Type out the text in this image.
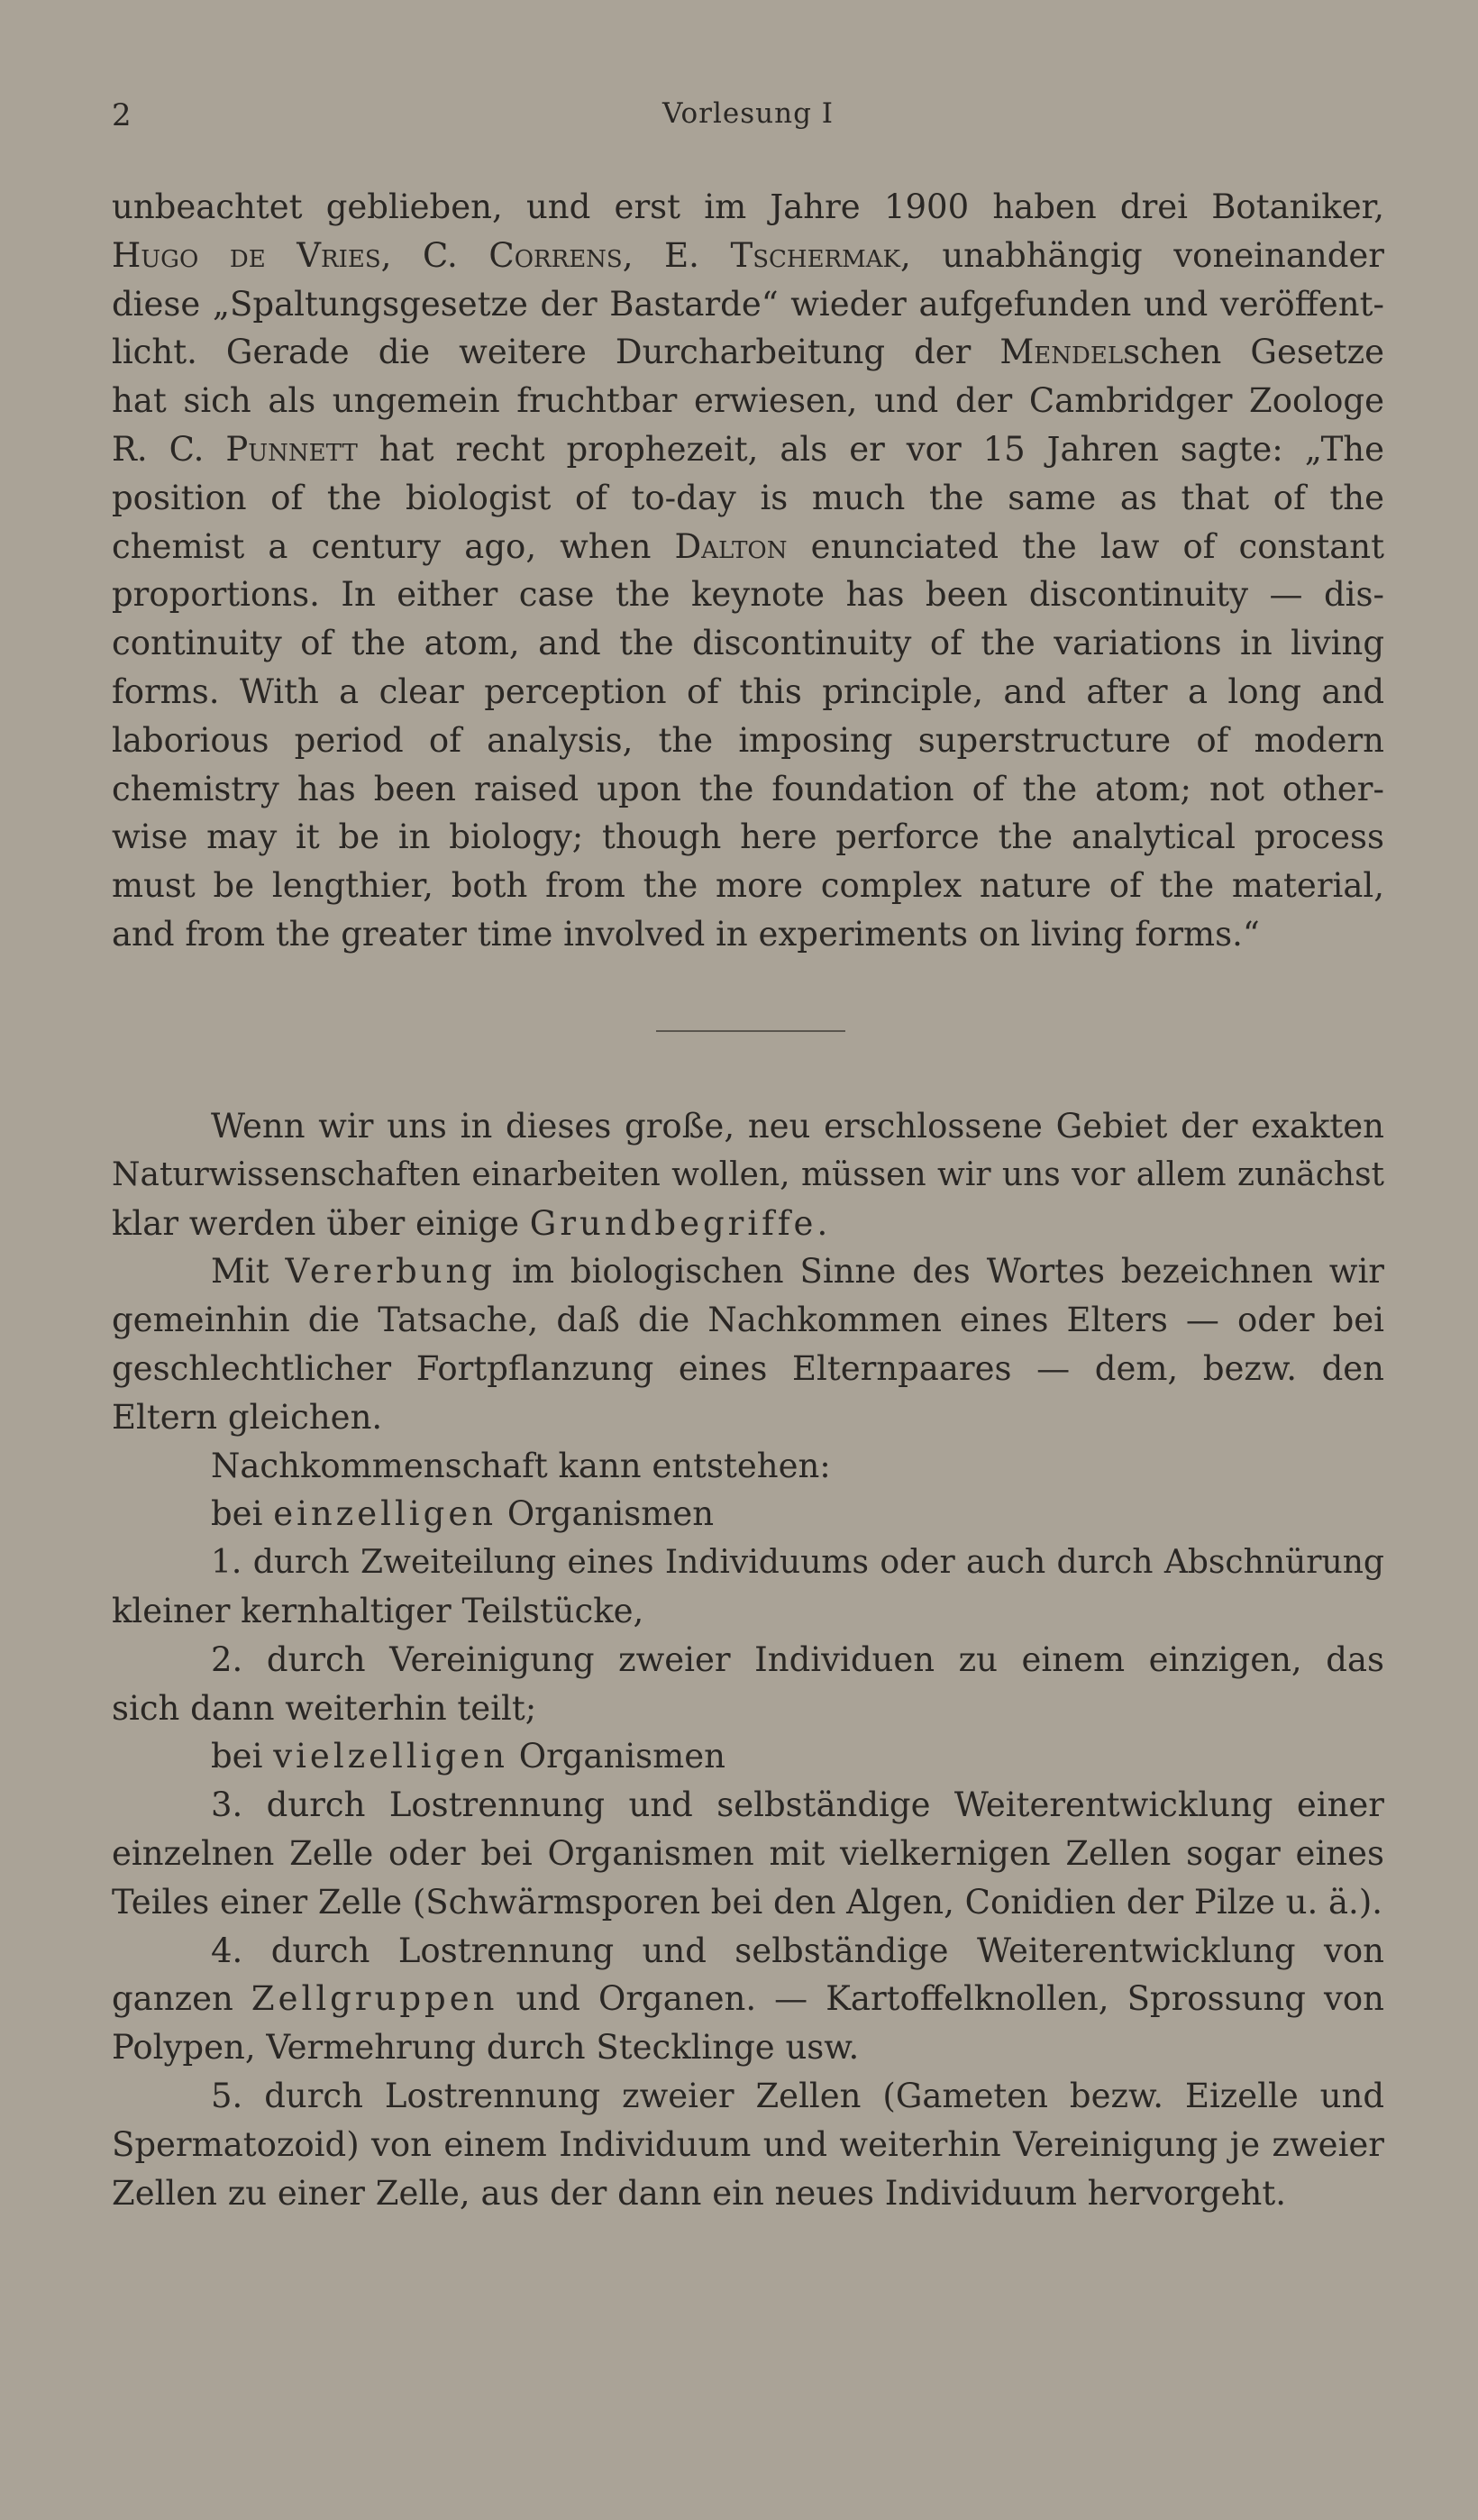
2	Vorlesung I
unbeachtet geblieben, und erst im Jahre 1900 haben drei Botaniker,
Hugo de Vries, C. Correns, E. Tschermak, unabhängig voneinander
diese „Spaltungsgesetze der Bastarde“ wieder aufgefunden und veröffent-
licht. Gerade die weitere Durcharbeitung der Mendelschen Gesetze
hat sich als ungemein fruchtbar erwiesen, und der Cambridger Zoologe
R. C. Punnett hat recht prophezeit, als er vor 15 Jahren sagte: „The
position of the biologist of to-day is much the same as that of the
chemist a century ago, when Dalton enunciated the law of constant
proportions. In either case the keynote has been discontinuity — dis-
continuity of the atom, and the discontinuity of the variations in living
forms. With a clear perception of this principle, and after a long and
laborious period of analysis, the imposing superstructure of modern
chemistry has been raised upon the foundation of the atom; not other-
wise may it be in biology; though here perforce the analytical process
must be lengthier, both from the more complex nature of the material,
and from the greater time involved in experiments on living forms.“
Wenn wir uns in dieses große, neu erschlossene Gebiet der exakten
Naturwissenschaften einarbeiten wollen, müssen wir uns vor allem zunächst
klar werden über einige Grundbegriffe.
Mit Vererbung im biologischen Sinne des Wortes bezeichnen wir
gemeinhin die Tatsache, daß die Nachkommen eines Elters — oder bei
geschlechtlicher Fortpflanzung eines Elternpaares — dem, bezw. den
Eltern gleichen.
Nachkommenschaft kann entstehen:
bei einzelligen Organismen
1. durch Zweiteilung eines Individuums oder auch durch Abschnürung
kleiner kernhaltiger Teilstücke,
2. durch Vereinigung zweier Individuen zu einem einzigen, das
sich dann weiterhin teilt;
bei vielzelligen Organismen
3. durch Lostrennung und selbständige Weiterentwicklung einer
einzelnen Zelle oder bei Organismen mit vielkernigen Zellen sogar eines
Teiles einer Zelle (Schwärmsporen bei den Algen, Conidien der Pilze u. ä.).
4. durch Lostrennung und selbständige Weiterentwicklung von
ganzen Zellgruppen und Organen. — Kartoffelknollen, Sprossung von
Polypen, Vermehrung durch Stecklinge usw.
5. durch Lostrennung zweier Zellen (Gameten bezw. Eizelle und
Spermatozoid) von einem Individuum und weiterhin Vereinigung je zweier
Zellen zu einer Zelle, aus der dann ein neues Individuum hervorgeht.
